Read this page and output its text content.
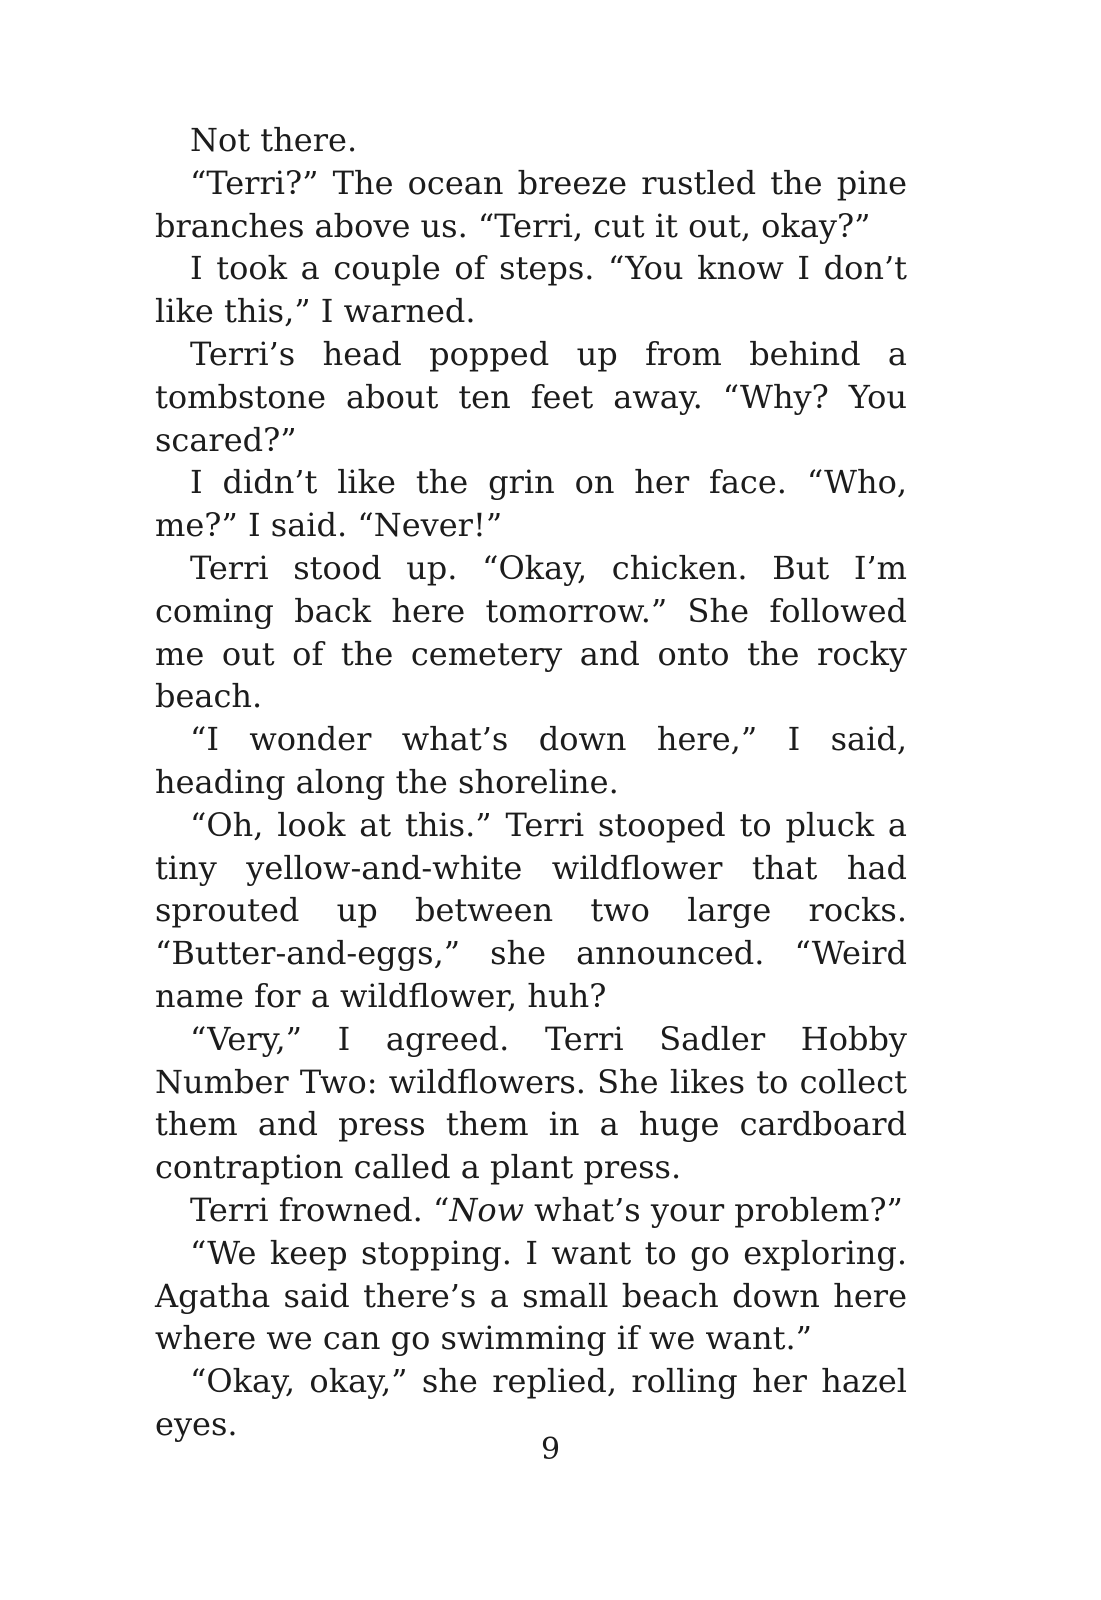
Not there.

“Terri?” The ocean breeze rustled the pine branches above us. “Terri, cut it out, okay?”

I took a couple of steps. “You know I don’t like this,” I warned.

Terri’s head popped up from behind a tombstone about ten feet away. “Why? You scared?”

I didn’t like the grin on her face. “Who, me?” I said. “Never!”

Terri stood up. “Okay, chicken. But I’m coming back here tomorrow.” She followed me out of the cemetery and onto the rocky beach.

“I wonder what’s down here,” I said, heading along the shoreline.

“Oh, look at this.” Terri stooped to pluck a tiny yellow-and-white wildflower that had sprouted up between two large rocks. “Butter-and-eggs,” she announced. “Weird name for a wildflower, huh?

“Very,” I agreed. Terri Sadler Hobby Number Two: wildflowers. She likes to collect them and press them in a huge cardboard contraption called a plant press.

Terri frowned. “Now what’s your problem?”

“We keep stopping. I want to go exploring. Agatha said there’s a small beach down here where we can go swimming if we want.”

“Okay, okay,” she replied, rolling her hazel eyes.

9
